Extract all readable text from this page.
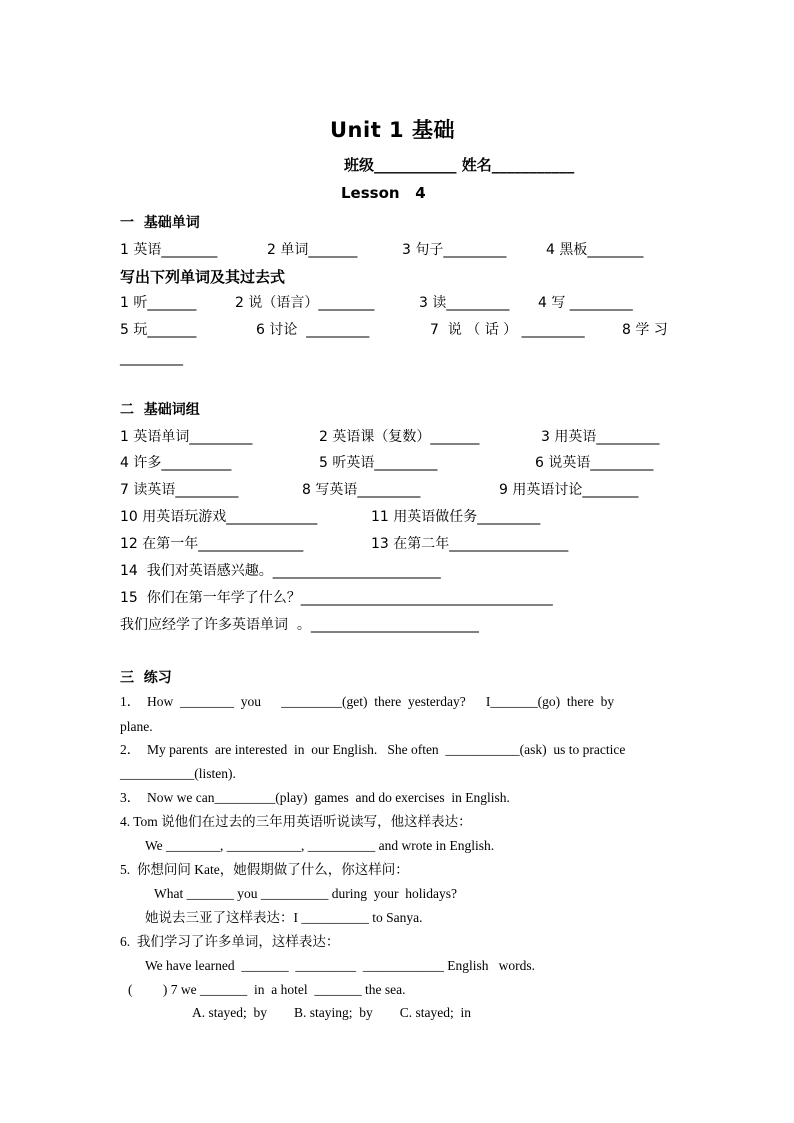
Unit 1 基础
班级___________ 姓名___________
Lesson   4
一  基础单词
1 英语________	2 单词_______	3 句子_________	4 黑板________
写出下列单词及其过去式
1 听_______	2 说（语言）________	3 读_________ 4 写 _________
5 玩_______	6 讨论  _________	7  说 （ 话 ） _________	8 学 习
_________
二  基础词组
1 英语单词_________	2 英语课（复数）_______	3 用英语_________
4 许多__________	5 听英语_________	6 说英语_________
7 读英语_________	8 写英语_________	9 用英语讨论________
10 用英语玩游戏_____________	11 用英语做任务_________
12 在第一年_______________	13 在第二年_________________
14  我们对英语感兴趣。________________________
15  你们在第一年学了什么？____________________________________
我们应经学了许多英语单词  。________________________
三  练习
1．  How  ________  you      _________(get)  there  yesterday?      I_______(go)  there  by
plane.
2．  My parents  are interested  in  our English.   She often  ___________(ask)  us to practice
___________(listen).
3．  Now we can_________(play)  games  and do exercises  in English.
4. Tom 说他们在过去的三年用英语听说读写，他这样表达：
We ________, ___________, __________ and wrote in English.
5.  你想问问 Kate，她假期做了什么，你这样问：
What _______ you __________ during  your  holidays?
她说去三亚了这样表达：I __________ to Sanya.
6.  我们学习了许多单词，这样表达：
We have learned  _______  _________  ____________ English   words.
(         ) 7 we _______  in  a hotel  _______ the sea.
A. stayed;  by        B. staying;  by        C. stayed;  in
